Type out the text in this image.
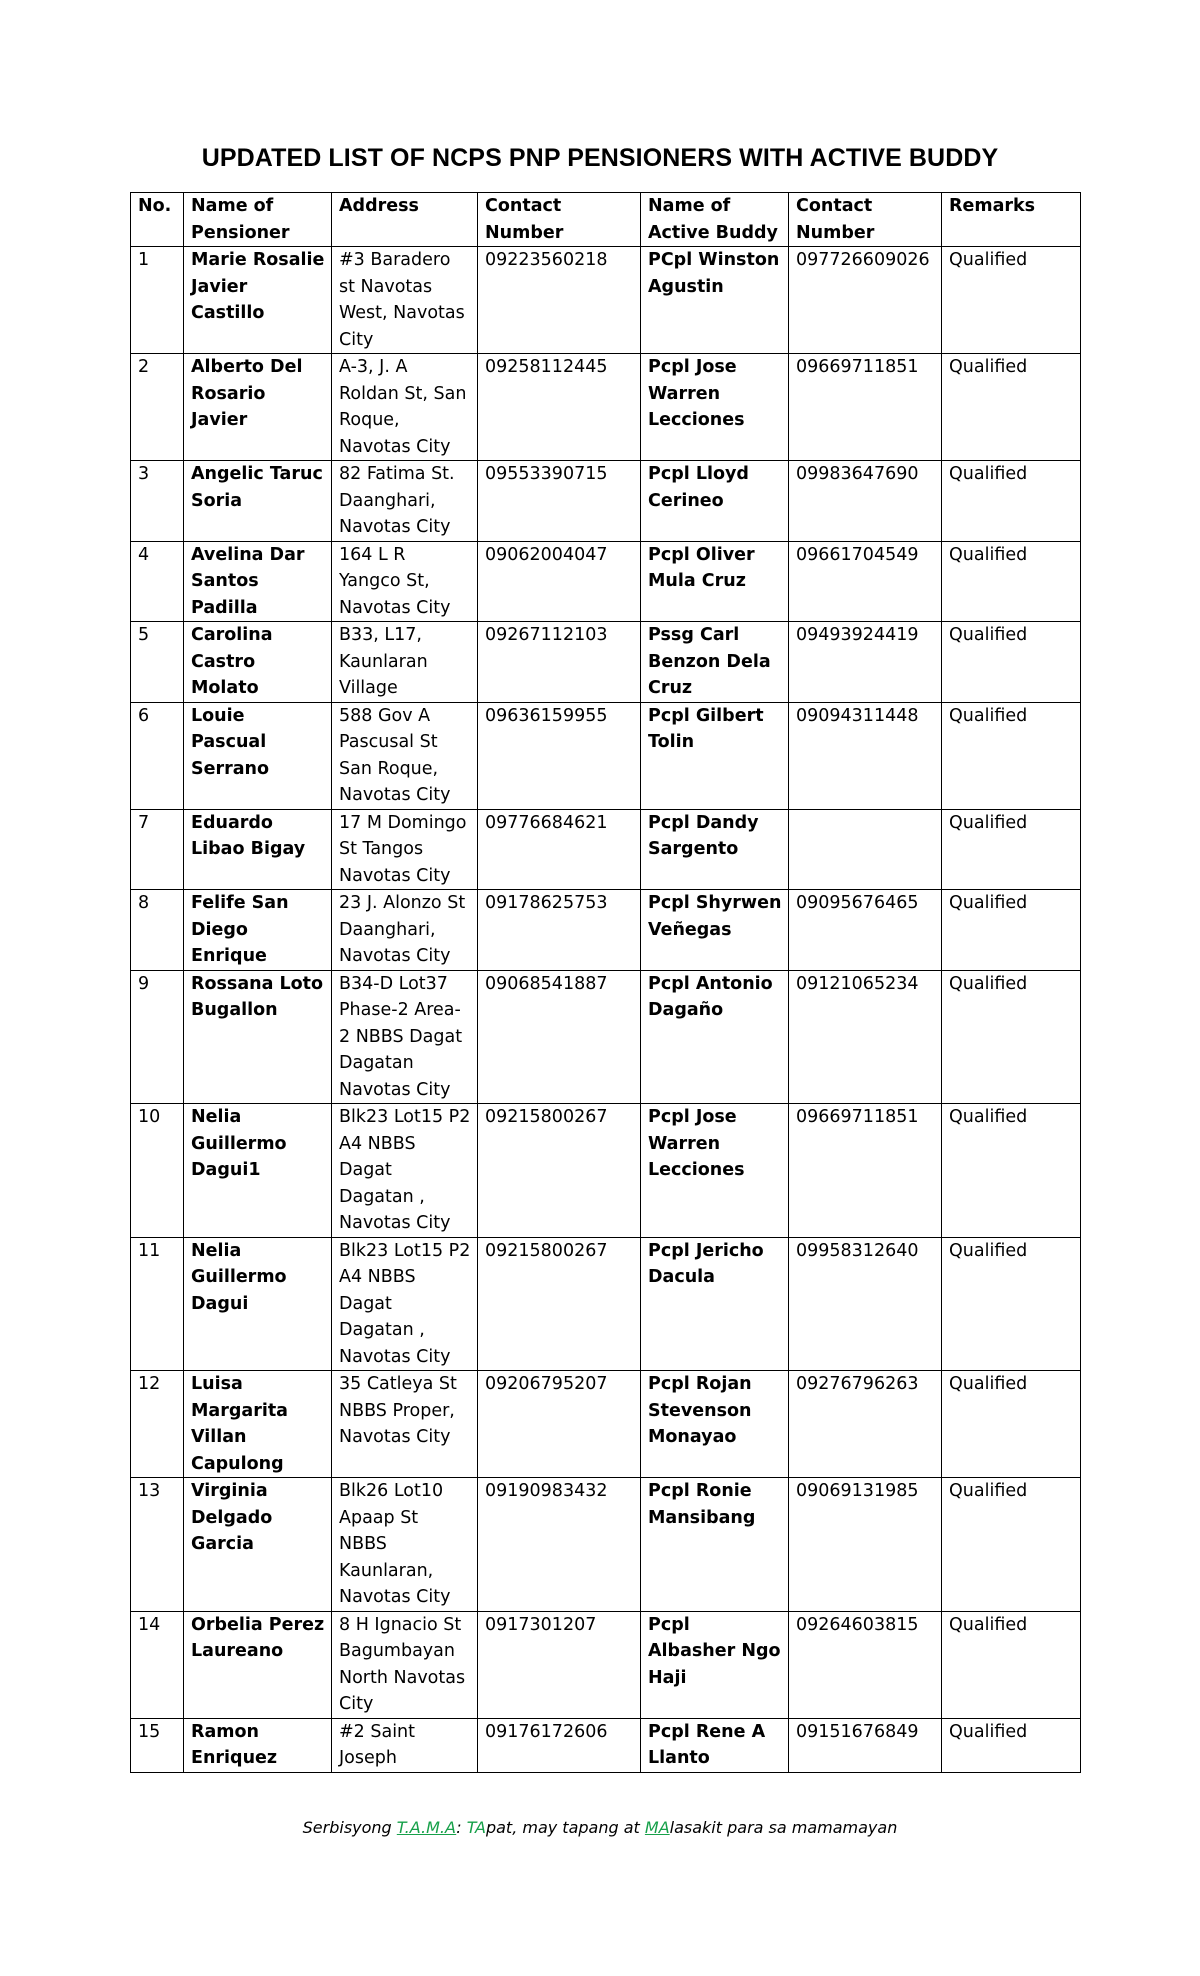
UPDATED LIST OF NCPS PNP PENSIONERS WITH ACTIVE BUDDY
No.	Name of Pensioner	Address	Contact Number	Name of Active Buddy	Contact Number	Remarks
1	Marie Rosalie Javier Castillo	#3 Baradero st Navotas West, Navotas City	09223560218	PCpl Winston Agustin	097726609026	Qualified
2	Alberto Del Rosario Javier	A-3, J. A Roldan St, San Roque, Navotas City	09258112445	Pcpl Jose Warren Lecciones	09669711851	Qualified
3	Angelic Taruc Soria	82 Fatima St. Daanghari, Navotas City	09553390715	Pcpl Lloyd Cerineo	09983647690	Qualified
4	Avelina Dar Santos Padilla	164 L R Yangco St, Navotas City	09062004047	Pcpl Oliver Mula Cruz	09661704549	Qualified
5	Carolina Castro Molato	B33, L17, Kaunlaran Village	09267112103	Pssg Carl Benzon Dela Cruz	09493924419	Qualified
6	Louie Pascual Serrano	588 Gov A Pascusal St San Roque, Navotas City	09636159955	Pcpl Gilbert Tolin	09094311448	Qualified
7	Eduardo Libao Bigay	17 M Domingo St Tangos Navotas City	09776684621	Pcpl Dandy Sargento		Qualified
8	Felife San Diego Enrique	23 J. Alonzo St Daanghari, Navotas City	09178625753	Pcpl Shyrwen Veñegas	09095676465	Qualified
9	Rossana Loto Bugallon	B34-D Lot37 Phase-2 Area-2 NBBS Dagat Dagatan Navotas City	09068541887	Pcpl Antonio Dagaño	09121065234	Qualified
10	Nelia Guillermo Dagui1	Blk23 Lot15 P2 A4 NBBS Dagat Dagatan , Navotas City	09215800267	Pcpl Jose Warren Lecciones	09669711851	Qualified
11	Nelia Guillermo Dagui	Blk23 Lot15 P2 A4 NBBS Dagat Dagatan , Navotas City	09215800267	Pcpl Jericho Dacula	09958312640	Qualified
12	Luisa Margarita Villan Capulong	35 Catleya St NBBS Proper, Navotas City	09206795207	Pcpl Rojan Stevenson Monayao	09276796263	Qualified
13	Virginia Delgado Garcia	Blk26 Lot10 Apaap St NBBS Kaunlaran, Navotas City	09190983432	Pcpl Ronie Mansibang	09069131985	Qualified
14	Orbelia Perez Laureano	8 H Ignacio St Bagumbayan North Navotas City	0917301207	Pcpl Albasher Ngo Haji	09264603815	Qualified
15	Ramon Enriquez	#2 Saint Joseph	09176172606	Pcpl Rene A Llanto	09151676849	Qualified
Serbisyong T.A.M.A: TApat, may tapang at MAlasakit para sa mamamayan
